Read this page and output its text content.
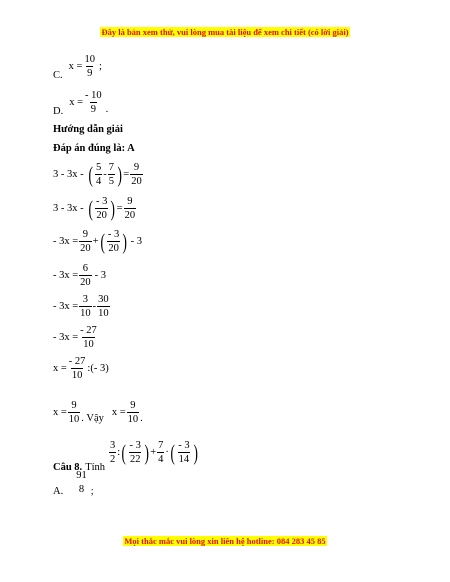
Đây là bản xem thử, vui lòng mua tài liệu để xem chi tiết (có lời giải)
C.
$x = \frac{10}{9}$ ;
D.
$x = \frac{- 10}{9}$ .
Hướng dẫn giải
Đáp án đúng là: A
3 - 3x - ( $\frac{5}{4} - \frac{7}{5}$ ) = $\frac{9}{20}$
3 - 3x - ( $\frac{- 3}{20}$ ) = $\frac{9}{20}$
- $3x = \frac{9}{20}$ + ( $\frac{- 3}{20}$ ) - 3
- $3x = \frac{6}{20} - 3$
- $3x = \frac{3}{10} - \frac{30}{10}$
- $3x = \frac{- 27}{10}$
$x = \frac{- 27}{10}$ :(- 3)
$x = \frac{9}{10}$ . Vậy
$x = \frac{9}{10}$ .
Câu 8. Tính
$\frac{3}{2}$ : ( $\frac{- 3}{22}$ ) + $\frac{7}{4}$ · ( $\frac{- 3}{14}$ )
A.
91
8 ;
Mọi thắc mắc vui lòng xin liên hệ hotline: 084 283 45 85
